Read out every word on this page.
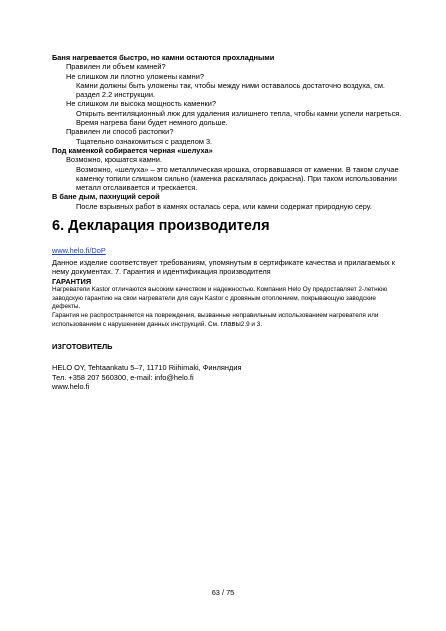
Баня нагревается быстро, но камни остаются прохладными
Правилен ли объем камней?
Не слишком ли плотно уложены камни?
Камни должны быть уложены так, чтобы между ними оставалось достаточно воздуха, см. раздел 2.2 инструкции.
Не слишком ли высока мощность каменки?
Открыть вентиляционный люк для удаления излишнего тепла, чтобы камни успели нагреться. Время нагрева бани будет немного дольше.
Правилен ли способ растопки?
Тщательно ознакомиться с разделом 3.
Под каменкой собирается черная «шелуха»
Возможно, крошатся камни.
Возможно, «шелуха» – это металлическая крошка, оторвавшаяся от каменки. В таком случае каменку топили слишком сильно (каменка раскалялась докрасна). При таком использовании металл отслаивается и трескается.
В бане дым, пахнущий серой
После взрывных работ в камнях осталась сера, или камни содержат природную серу.
6. Декларация производителя
www.helo.fi/DoP
Данное изделие соответствует требованиям, упомянутым в сертификате качества и прилагаемых к нему документах. 7. Гарантия и идентификация производителя
ГАРАНТИЯ
Нагреватели Kastor отличаются высоким качеством и надежностью. Компания Helo Oy предоставляет 2-летнюю заводскую гарантию на свои нагреватели для саун Kastor с дровяным отоплением, покрывающую заводские дефекты.
Гарантия не распространяется на повреждения, вызванные неправильным использованием нагревателя или использованием с нарушением данных инструкций. См. главы2.9 и 3.
ИЗГОТОВИТЕЛЬ
HELO OY, Tehtaankatu 5–7, 11710 Riihimaki, Финляндия
Тел. +358 207 560300, e-mail: info@helo.fi
www.helo.fi
63 / 75
